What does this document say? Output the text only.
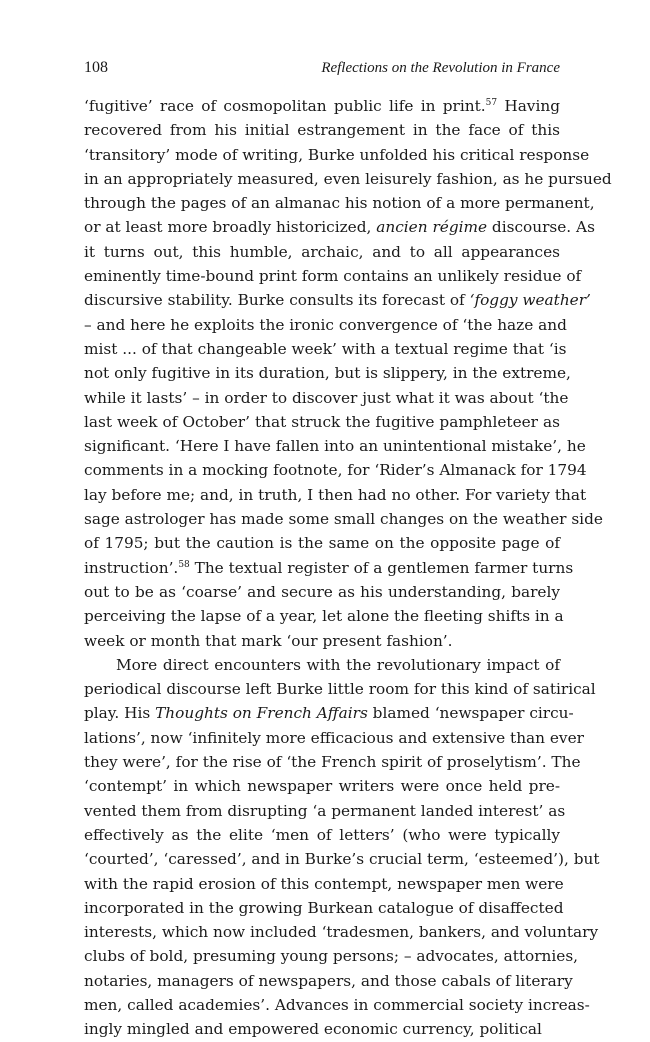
108	Reflections on the Revolution in France
‘fugitive’ race of cosmopolitan public life in print.$^{57}$ Having
recovered from his initial estrangement in the face of this
‘transitory’ mode of writing, Burke unfolded his critical response
in an appropriately measured, even leisurely fashion, as he pursued
through the pages of an almanac his notion of a more permanent,
or at least more broadly historicized, ancien régime discourse. As
it turns out, this humble, archaic, and to all appearances
eminently time-bound print form contains an unlikely residue of
discursive stability. Burke consults its forecast of ‘foggy weather’
– and here he exploits the ironic convergence of ‘the haze and
mist ... of that changeable week’ with a textual regime that ‘is
not only fugitive in its duration, but is slippery, in the extreme,
while it lasts’ – in order to discover just what it was about ‘the
last week of October’ that struck the fugitive pamphleteer as
significant. ‘Here I have fallen into an unintentional mistake’, he
comments in a mocking footnote, for ‘Rider’s Almanack for 1794
lay before me; and, in truth, I then had no other. For variety that
sage astrologer has made some small changes on the weather side
of 1795; but the caution is the same on the opposite page of
instruction’.$^{58}$ The textual register of a gentlemen farmer turns
out to be as ‘coarse’ and secure as his understanding, barely
perceiving the lapse of a year, let alone the fleeting shifts in a
week or month that mark ‘our present fashion’.
More direct encounters with the revolutionary impact of
periodical discourse left Burke little room for this kind of satirical
play. His Thoughts on French Affairs blamed ‘newspaper circu-
lations’, now ‘infinitely more efficacious and extensive than ever
they were’, for the rise of ‘the French spirit of proselytism’. The
‘contempt’ in which newspaper writers were once held pre-
vented them from disrupting ‘a permanent landed interest’ as
effectively as the elite ‘men of letters’ (who were typically
‘courted’, ‘caressed’, and in Burke’s crucial term, ‘esteemed’), but
with the rapid erosion of this contempt, newspaper men were
incorporated in the growing Burkean catalogue of disaffected
interests, which now included ‘tradesmen, bankers, and voluntary
clubs of bold, presuming young persons; – advocates, attornies,
notaries, managers of newspapers, and those cabals of literary
men, called academies’. Advances in commercial society increas-
ingly mingled and empowered economic currency, political
